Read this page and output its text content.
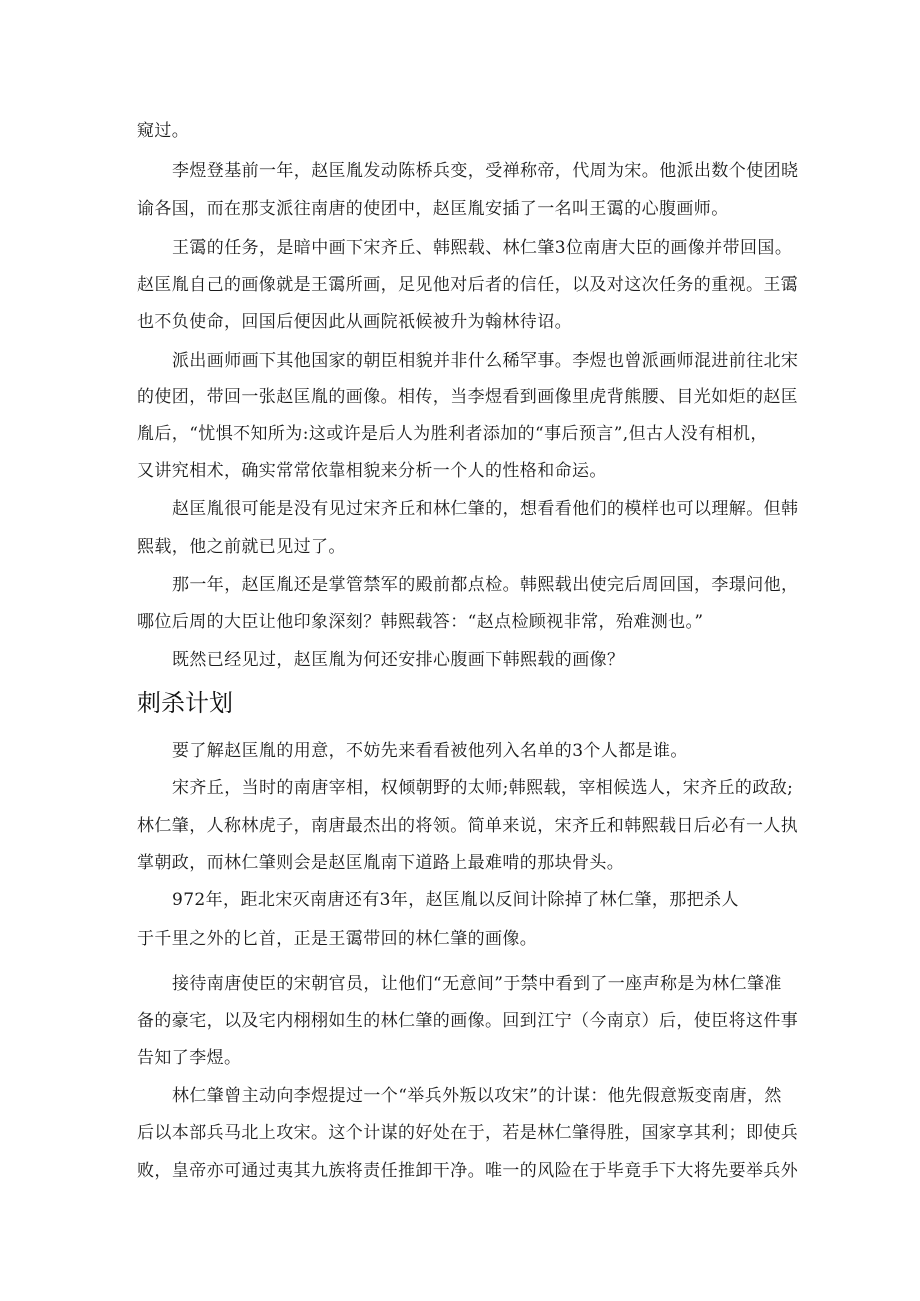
窥过。
李煜登基前一年，赵匡胤发动陈桥兵变，受禅称帝，代周为宋。他派出数个使团晓
谕各国，而在那支派往南唐的使团中，赵匡胤安插了一名叫王霭的心腹画师。
王霭的任务，是暗中画下宋齐丘、韩熙载、林仁肇3位南唐大臣的画像并带回国。
赵匡胤自己的画像就是王霭所画，足见他对后者的信任，以及对这次任务的重视。王霭
也不负使命，回国后便因此从画院祇候被升为翰林待诏。
派出画师画下其他国家的朝臣相貌并非什么稀罕事。李煜也曾派画师混进前往北宋
的使团，带回一张赵匡胤的画像。相传，当李煜看到画像里虎背熊腰、目光如炬的赵匡
胤后，“忧惧不知所为:这或许是后人为胜利者添加的“事后预言”,但古人没有相机，
又讲究相术，确实常常依靠相貌来分析一个人的性格和命运。
赵匡胤很可能是没有见过宋齐丘和林仁肇的，想看看他们的模样也可以理解。但韩
熙载，他之前就已见过了。
那一年，赵匡胤还是掌管禁军的殿前都点检。韩熙载出使完后周回国，李璟问他，
哪位后周的大臣让他印象深刻？韩熙载答：“赵点检顾视非常，殆难测也。”
既然已经见过，赵匡胤为何还安排心腹画下韩熙载的画像？
刺杀计划
要了解赵匡胤的用意，不妨先来看看被他列入名单的3个人都是谁。
宋齐丘，当时的南唐宰相，权倾朝野的太师;韩熙载，宰相候选人，宋齐丘的政敌;
林仁肇，人称林虎子，南唐最杰出的将领。简单来说，宋齐丘和韩熙载日后必有一人执
掌朝政，而林仁肇则会是赵匡胤南下道路上最难啃的那块骨头。
972年，距北宋灭南唐还有3年，赵匡胤以反间计除掉了林仁肇，那把杀人
于千里之外的匕首，正是王霭带回的林仁肇的画像。
接待南唐使臣的宋朝官员，让他们“无意间”于禁中看到了一座声称是为林仁肇准
备的豪宅，以及宅内栩栩如生的林仁肇的画像。回到江宁（今南京）后，使臣将这件事
告知了李煜。
林仁肇曾主动向李煜提过一个“举兵外叛以攻宋”的计谋：他先假意叛变南唐，然
后以本部兵马北上攻宋。这个计谋的好处在于，若是林仁肇得胜，国家享其利；即使兵
败，皇帝亦可通过夷其九族将责任推卸干净。唯一的风险在于毕竟手下大将先要举兵外
